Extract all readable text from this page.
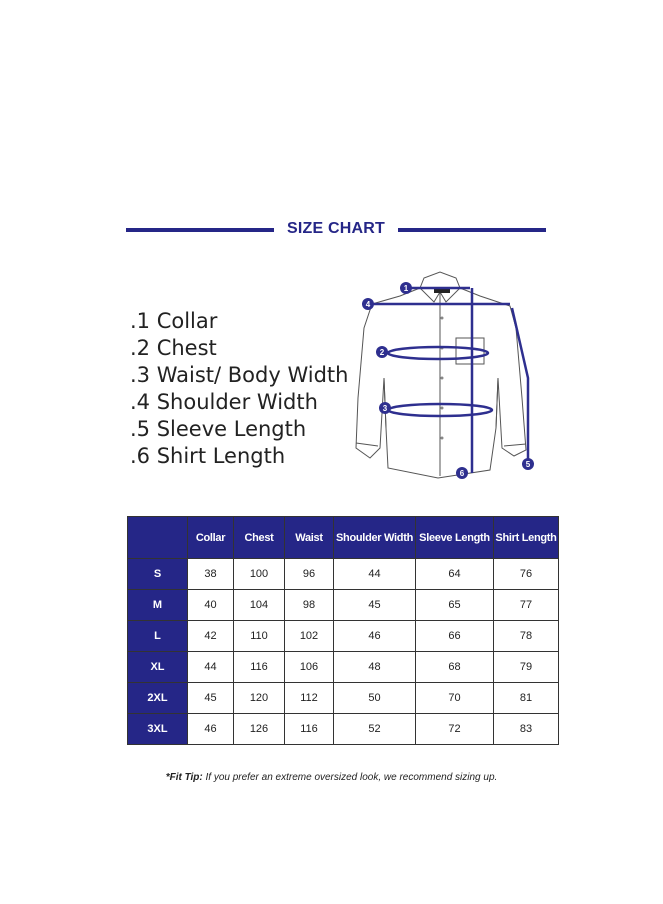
SIZE CHART
.1 Collar
.2 Chest
.3 Waist/ Body Width
.4 Shoulder Width
.5 Sleeve Length
.6 Shirt Length
1
2
3
4
5
6
	Collar	Chest	Waist	Shoulder Width	Sleeve Length	Shirt Length
S	38	100	96	44	64	76
M	40	104	98	45	65	77
L	42	110	102	46	66	78
XL	44	116	106	48	68	79
2XL	45	120	112	50	70	81
3XL	46	126	116	52	72	83
*Fit Tip: If you prefer an extreme oversized look, we recommend sizing up.
